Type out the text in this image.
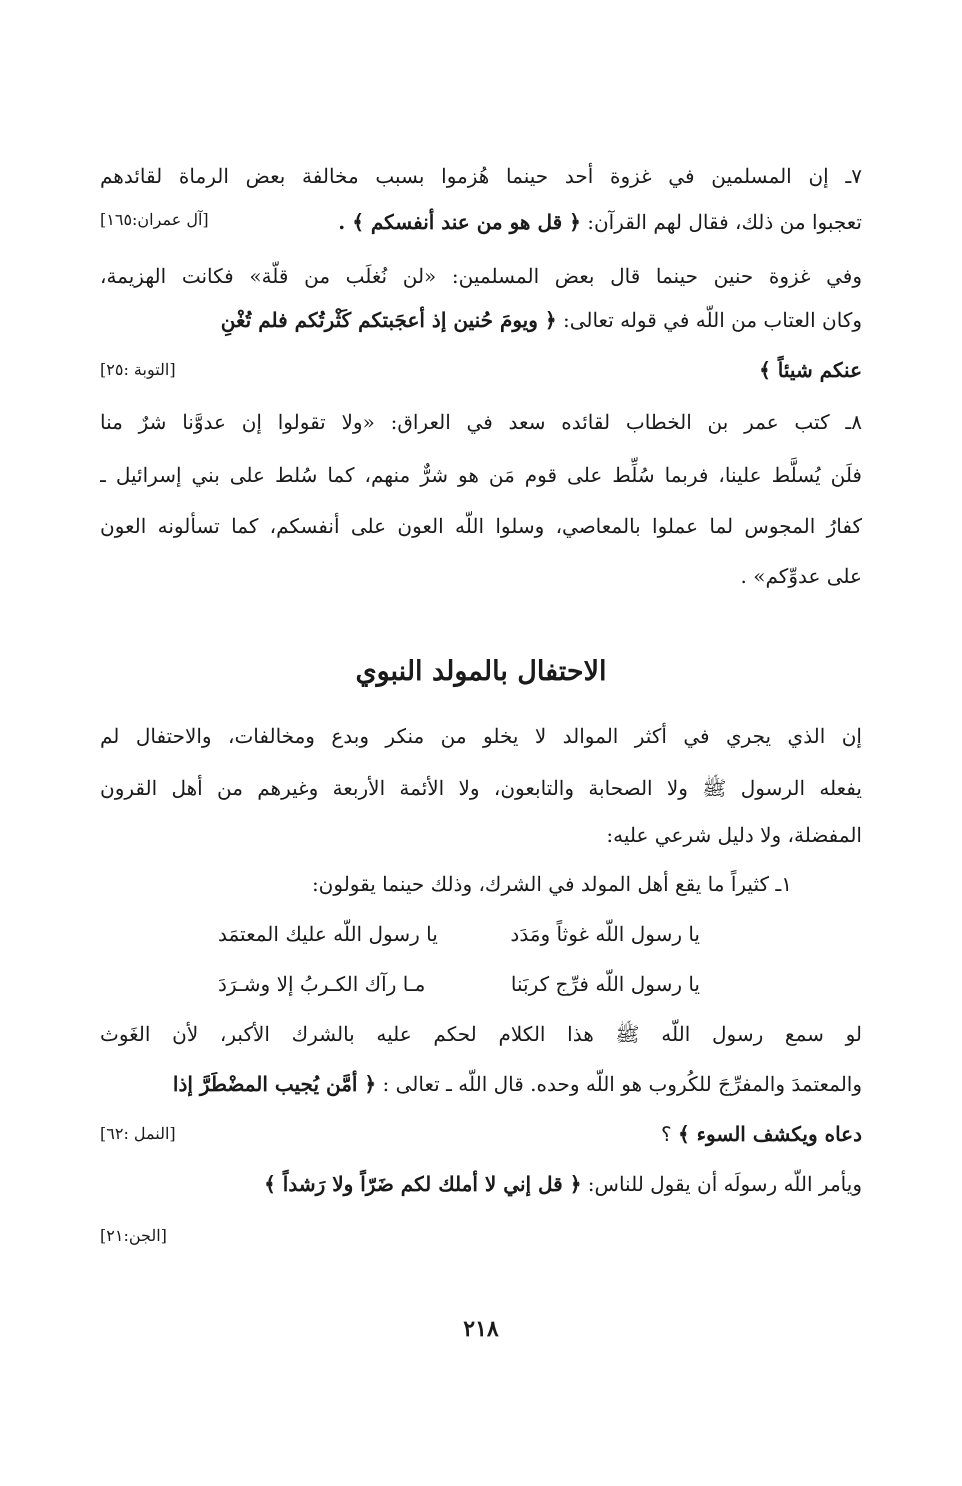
٧ـ إن المسلمين في غزوة أحد حينما هُزموا بسبب مخالفة بعض الرماة لقائدهم
تعجبوا من ذلك، فقال لهم القرآن: ﴿ قل هو من عند أنفسكم ﴾ .
[آل عمران:١٦٥]
وفي غزوة حنين حينما قال بعض المسلمين: «لن نُغلَب من قلّة» فكانت الهزيمة،
وكان العتاب من اللّه في قوله تعالى: ﴿ ويومَ حُنين إذ أعجَبتكم كَثْرتُكم فلم تُغْنِ
عنكم شيئاً ﴾
[التوبة :٢٥]
٨ـ كتب عمر بن الخطاب لقائده سعد في العراق: «ولا تقولوا إن عدوَّنا شرٌ منا
فلَن يُسلَّط علينا، فربما سُلِّط على قوم مَن هو شرٌّ منهم، كما سُلط على بني إسرائيل ـ
كفارُ المجوس لما عملوا بالمعاصي، وسلوا اللّه العون على أنفسكم، كما تسألونه العون
على عدوِّكم» .
الاحتفال بالمولد النبوي
إن الذي يجري في أكثر الموالد لا يخلو من منكر وبدع ومخالفات، والاحتفال لم
يفعله الرسول ﷺ ولا الصحابة والتابعون، ولا الأئمة الأربعة وغيرهم من أهل القرون
المفضلة، ولا دليل شرعي عليه:
١ـ كثيراً ما يقع أهل المولد في الشرك، وذلك حينما يقولون:
يا رسول اللّه غوثاً ومَدَد
يا رسول اللّه عليك المعتمَد
يا رسول اللّه فرِّج كربَنا
مـا رآك الكـربُ إلا وشـرَدَ
لو سمع رسول اللّه ﷺ هذا الكلام لحكم عليه بالشرك الأكبر، لأن الغَوث
والمعتمدَ والمفرِّجَ للكُروب هو اللّه وحده. قال اللّه ـ تعالى : ﴿ أمَّن يُجيب المضْطَرَّ إذا
دعاه ويكشف السوء ﴾ ؟
[النمل :٦٢]
ويأمر اللّه رسولَه أن يقول للناس: ﴿ قل إني لا أملك لكم ضَرّاً ولا رَشداً ﴾
[الجن:٢١]
٢١٨
